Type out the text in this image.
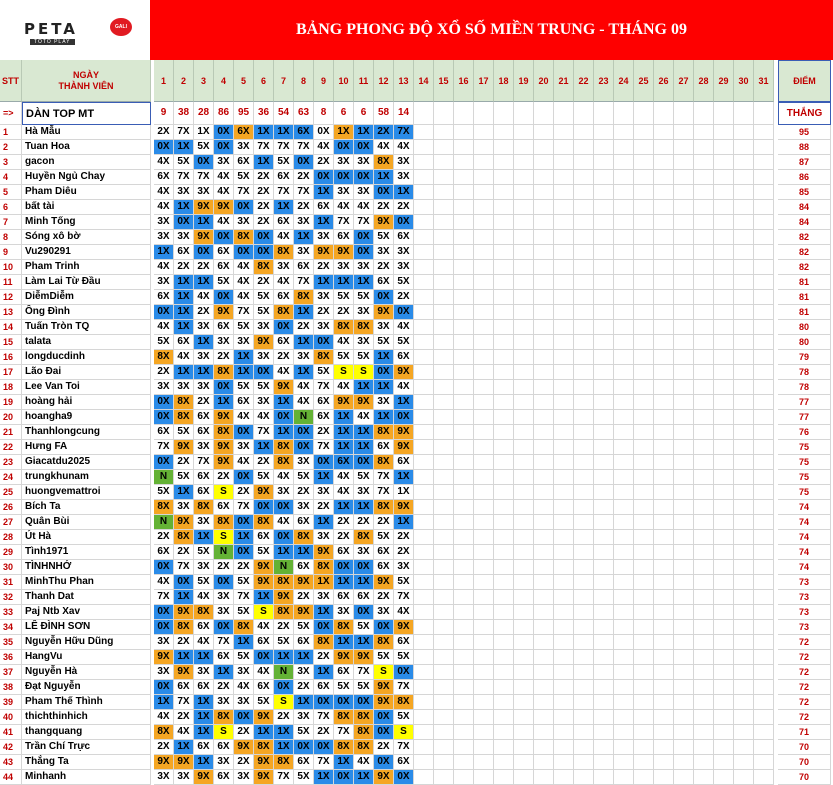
PETA
TOTO PLAY
GALI	BẢNG PHONG ĐỘ XỔ SỐ MIỀN TRUNG - THÁNG 09
STT
NGÀY
THÀNH VIÊN	1	2	3	4	5	6	7	8	9	10	11	12	13	14	15	16	17	18	19	20	21	22	23	24	25	26	27	28	29	30	31	ĐIỂM
=>	DÀN TOP MT	9	38 28 86 95 36 54 63	8	6	6	58 14	THẮNG
1	Hà Mẫu	2X 7X 1X 0X 6X 1X 1X 6X 0X 1X 1X 2X 7X	95
2	Tuan Hoa	0X 1X 5X 0X 3X 7X 7X 7X 4X 0X 0X 4X 4X	88
3	gacon	4X 5X 0X 3X 6X 1X 5X 0X 2X 3X 3X 8X 3X	87
4	Huyền Ngủ Chay	6X 7X 7X 4X 5X 2X 6X 2X 0X 0X 0X 1X 3X	86
5	Pham Diêu	4X 3X 3X 4X 7X 2X 7X 7X 1X 3X 3X 0X 1X	85
6	bất tài	4X 1X 9X 9X 0X 2X 1X 2X 6X 4X 4X 2X 2X	84
7	Minh Tống	3X 0X 1X 4X 3X 2X 6X 3X 1X 7X 7X 9X 0X	84
8	Sóng xô bờ	3X 3X 9X 0X 8X 0X 4X 1X 3X 6X 0X 5X 6X	82
9	Vu290291	1X 6X 0X 6X 0X 0X 8X 3X 9X 9X 0X 3X 3X	82
10	Pham Trinh	4X 2X 2X 6X 4X 8X 3X 6X 2X 3X 3X 2X 3X	82
11	Làm Lai Từ Đầu	3X 1X 1X 5X 4X 2X 4X 7X 1X 1X 1X 6X 5X	81
12	DiễmDiễm	6X 1X 4X 0X 4X 5X 6X 8X 3X 5X 5X 0X 2X	81
13	Ông Đình	0X 1X 2X 9X 7X 5X 8X 1X 2X 2X 3X 9X 0X	81
14	Tuấn Tròn TQ	4X 1X 3X 6X 5X 3X 0X 2X 3X 8X 8X 3X 4X	80
15	talata	5X 6X 1X 3X 3X 9X 6X 1X 0X 4X 3X 5X 5X	80
16	longducdinh	8X 4X 3X 2X 1X 3X 2X 3X 8X 5X 5X 1X 6X	79
17	Lão Đai	2X 1X 1X 8X 1X 0X 4X 1X 5X	S	S	0X 9X	78
18	Lee Van Toi	3X 3X 3X 0X 5X 5X 9X 4X 7X 4X 1X 1X 4X	78
19	hoàng hải	0X 8X 2X 1X 6X 3X 1X 4X 6X 9X 9X 3X 1X	77
20	hoangha9	0X 8X 6X 9X 4X 4X 0X	N	6X 1X 4X 1X 0X	77
21	Thanhlongcung	6X 5X 6X 8X 0X 7X 1X 0X 2X 1X 1X 8X 9X	76
22	Hưng FA	7X 9X 3X 9X 3X 1X 8X 0X 7X 1X 1X 6X 9X	75
23	Giacatdu2025	0X 2X 7X 9X 4X 2X 8X 3X 0X 6X 0X 8X 6X	75
24	trungkhunam	N	5X 6X 2X 0X 5X 4X 5X 1X 4X 5X 7X 1X	75
25	huongvemattroi	5X 1X 6X	S	2X 9X 3X 2X 3X 4X 3X 7X 1X	75
26	Bích Ta	8X 3X 8X 6X 7X 0X 0X 3X 2X 1X 1X 8X 9X	74
27	Quân Bùi	N	9X 3X 8X 0X 8X 4X 6X 1X 2X 2X 2X 1X	74
28	Út Hà	2X 8X 1X	S	1X 6X 0X 8X 3X 2X 8X 5X 2X	74
29	Tình1971	6X 2X 5X	N	0X 5X 1X 1X 9X 6X 3X 6X 2X	74
30	TÌNHNHỚ	0X 7X 3X 2X 2X 9X	N	6X 8X 0X 0X 6X 3X	74
31	MinhThu Phan	4X 0X 5X 0X 5X 9X 8X 9X 1X 1X 1X 9X 5X	73
32	Thanh Dat	7X 1X 4X 3X 7X 1X 9X 2X 3X 6X 6X 2X 7X	73
33	Paj Ntb Xav	0X 9X 8X 3X 5X	S	8X 9X 1X 3X 0X 3X 4X	73
34	LÊ ĐÌNH SƠN	0X 8X 6X 0X 8X 4X 2X 5X 0X 8X 5X 0X 9X	73
35	Nguyễn Hữu Dũng	3X 2X 4X 7X 1X 6X 5X 6X 8X 1X 1X 8X 6X	72
36	HangVu	9X 1X 1X 6X 5X 0X 1X 1X 2X 9X 9X 5X 5X	72
37	Nguyễn Hà	3X 9X 3X 1X 3X 4X	N	3X 1X 6X 7X	S	0X	72
38	Đạt Nguyễn	0X 6X 6X 2X 4X 6X 0X 2X 6X 5X 5X 9X 7X	72
39	Pham Thế Thình	1X 7X 1X 3X 3X 5X	S	1X 0X 0X 0X 9X 8X	72
40	thichthinhich	4X 2X 1X 8X 0X 9X 2X 3X 7X 8X 8X 0X 5X	72
41	thangquang	8X 4X 1X	S	2X 1X 1X 5X 2X 7X 8X 0X	S	71
42	Trần Chí Trực	2X 1X 6X 6X 9X 8X 1X 0X 0X 8X 8X 2X 7X	70
43	Thắng Ta	9X 9X 1X 3X 2X 9X 8X 6X 7X 1X 4X 0X 6X	70
44	Minhanh	3X 3X 9X 6X 3X 9X 7X 5X 1X 0X 1X 9X 0X	70
